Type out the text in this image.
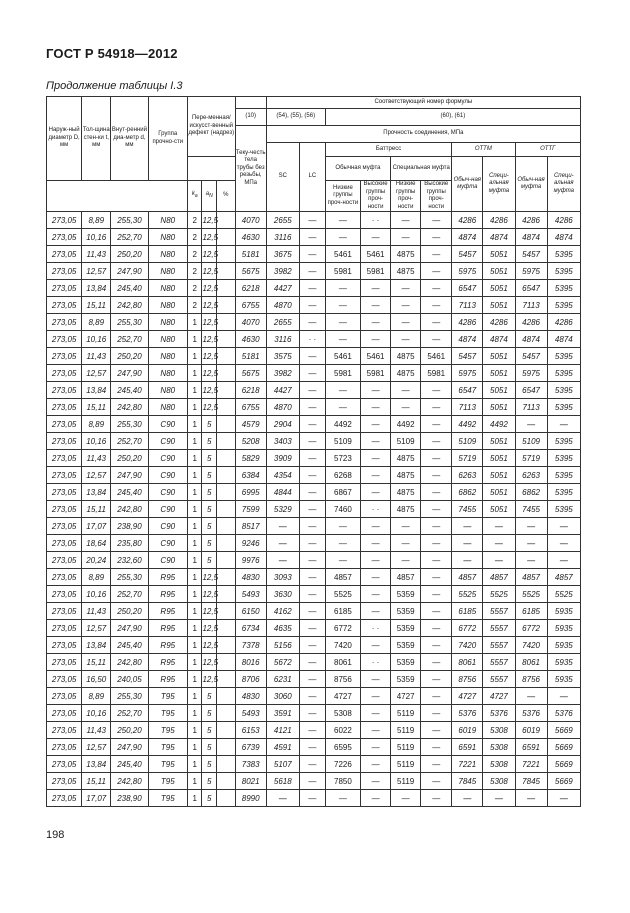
ГОСТ Р 54918—2012
Продолжение таблицы I.3
Наруж-ный диаметр D, мм	Тол-щина стен-ки t, мм	Внут-ренний диа-метр d, мм	Группа прочно-сти	Пере-менная/ искусст-венный дефект (надрез)				Соответствующий номер формулы									
							(10)	(54), (55), (56)		(60), (61)							
							Теку-честь тела трубы без резьбы, МПа	Прочность соединения, МПа									
								SC	LC	Баттресс				ОТТМ		ОТТГ	
										Обычная муфта		Специальная муфта		Обыч-ная муфта	Специ-альная муфта	Обыч-ная муфта	Специ-альная муфта
				$k_a$	$a_N$	%				Низкие группы проч-ности	Высокие группы проч-ности	Низкие группы проч-ности	Высокие группы проч-ности				
273,05	8,89	255,30	N80	2	12,5		4070	2655	—	—	· ·	—	—	4286	4286	4286	4286
273,05	10,16	252,70	N80	2	12,5		4630	3116	—	—	—	—	—	4874	4874	4874	4874
273,05	11,43	250,20	N80	2	12,5		5181	3675	—	5461	5461	4875	—	5457	5051	5457	5395
273,05	12,57	247,90	N80	2	12,5		5675	3982	—	5981	5981	4875	—	5975	5051	5975	5395
273,05	13,84	245,40	N80	2	12,5		6218	4427	—	—	—	—	—	6547	5051	6547	5395
273,05	15,11	242,80	N80	2	12,5		6755	4870	—	—	—	—	—	7113	5051	7113	5395
273,05	8,89	255,30	N80	1	12,5		4070	2655	—	—	—	—	—	4286	4286	4286	4286
273,05	10,16	252,70	N80	1	12,5		4630	3116	· ·	—	—	—	—	4874	4874	4874	4874
273,05	11,43	250,20	N80	1	12,5		5181	3575	—	5461	5461	4875	5461	5457	5051	5457	5395
273,05	12,57	247,90	N80	1	12,5		5675	3982	—	5981	5981	4875	5981	5975	5051	5975	5395
273,05	13,84	245,40	N80	1	12,5		6218	4427	—	—	—	—	—	6547	5051	6547	5395
273,05	15,11	242,80	N80	1	12,5		6755	4870	—	—	—	—	—	7113	5051	7113	5395
273,05	8,89	255,30	C90	1	5		4579	2904	—	4492	—	4492	—	4492	4492	—	—
273,05	10,16	252,70	C90	1	5		5208	3403	—	5109	—	5109	—	5109	5051	5109	5395
273,05	11,43	250,20	C90	1	5		5829	3909	—	5723	—	4875	—	5719	5051	5719	5395
273,05	12,57	247,90	C90	1	5		6384	4354	—	6268	—	4875	—	6263	5051	6263	5395
273,05	13,84	245,40	C90	1	5		6995	4844	—	6867	—	4875	—	6862	5051	6862	5395
273,05	15,11	242,80	C90	1	5		7599	5329	—	7460	· ·	4875	—	7455	5051	7455	5395
273,05	17,07	238,90	C90	1	5		8517	—	—	—	—	—	—	—	—	—	—
273,05	18,64	235,80	C90	1	5		9246	—	—	—	—	—	—	—	—	—	—
273,05	20,24	232,60	C90	1	5		9976	—	—	—	—	—	—	—	—	—	—
273,05	8,89	255,30	R95	1	12,5		4830	3093	—	4857	—	4857	—	4857	4857	4857	4857
273,05	10,16	252,70	R95	1	12,5		5493	3630	—	5525	—	5359	—	5525	5525	5525	5525
273,05	11,43	250,20	R95	1	12,5		6150	4162	—	6185	—	5359	—	6185	5557	6185	5935
273,05	12,57	247,90	R95	1	12,5		6734	4635	—	6772	· ·	5359	—	6772	5557	6772	5935
273,05	13,84	245,40	R95	1	12,5		7378	5156	—	7420	—	5359	—	7420	5557	7420	5935
273,05	15,11	242,80	R95	1	12,5		8016	5672	—	8061	· ·	5359	—	8061	5557	8061	5935
273,05	16,50	240,05	R95	1	12,5		8706	6231	—	8756	—	5359	—	8756	5557	8756	5935
273,05	8,89	255,30	T95	1	5		4830	3060	—	4727	—	4727	—	4727	4727	—	—
273,05	10,16	252,70	T95	1	5		5493	3591	—	5308	—	5119	—	5376	5376	5376	5376
273,05	11,43	250,20	T95	1	5		6153	4121	—	6022	—	5119	—	6019	5308	6019	5669
273,05	12,57	247,90	T95	1	5		6739	4591	—	6595	—	5119	—	6591	5308	6591	5669
273,05	13,84	245,40	T95	1	5		7383	5107	—	7226	—	5119	—	7221	5308	7221	5669
273,05	15,11	242,80	T95	1	5		8021	5618	—	7850	—	5119	—	7845	5308	7845	5669
273,05	17,07	238,90	T95	1	5		8990	—	—	—	—	—	—	—	—	—	—
198
